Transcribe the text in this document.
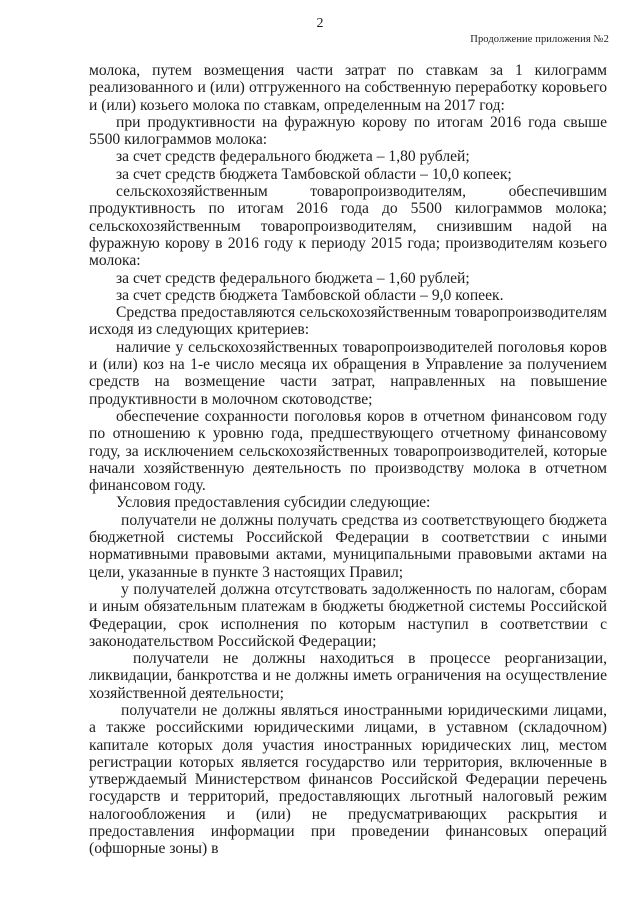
2
Продолжение приложения №2

молока, путем возмещения части затрат по ставкам за 1 килограмм реализованного и (или) отгруженного на собственную переработку коровьего и (или) козьего молока по ставкам, определенным на 2017 год:

при продуктивности на фуражную корову по итогам 2016 года свыше 5500 килограммов молока:

за счет средств федерального бюджета – 1,80 рублей;

за счет средств бюджета Тамбовской области – 10,0 копеек;

сельскохозяйственным товаропроизводителям, обеспечившим продуктивность по итогам 2016 года до 5500 килограммов молока; сельскохозяйственным товаропроизводителям, снизившим надой на фуражную корову в 2016 году к периоду 2015 года; производителям козьего молока:

за счет средств федерального бюджета – 1,60 рублей;

за счет средств бюджета Тамбовской области – 9,0 копеек.

Средства предоставляются сельскохозяйственным товаропроизводителям исходя из следующих критериев:

наличие у сельскохозяйственных товаропроизводителей поголовья коров и (или) коз на 1-е число месяца их обращения в Управление за получением средств на возмещение части затрат, направленных на повышение продуктивности в молочном скотоводстве;

обеспечение сохранности поголовья коров в отчетном финансовом году по отношению к уровню года, предшествующего отчетному финансовому году, за исключением сельскохозяйственных товаропроизводителей, которые начали хозяйственную деятельность по производству молока в отчетном финансовом году.

Условия предоставления субсидии следующие:

получатели не должны получать средства из соответствующего бюджета бюджетной системы Российской Федерации в соответствии с иными нормативными правовыми актами, муниципальными правовыми актами на цели, указанные в пункте 3 настоящих Правил;

у получателей должна отсутствовать задолженность по налогам, сборам и иным обязательным платежам в бюджеты бюджетной системы Российской Федерации, срок исполнения по которым наступил в соответствии с законодательством Российской Федерации;

получатели не должны находиться в процессе реорганизации, ликвидации, банкротства и не должны иметь ограничения на осуществление хозяйственной деятельности;

получатели не должны являться иностранными юридическими лицами, а также российскими юридическими лицами, в уставном (складочном) капитале которых доля участия иностранных юридических лиц, местом регистрации которых является государство или территория, включенные в утверждаемый Министерством финансов Российской Федерации перечень государств и территорий, предоставляющих льготный налоговый режим налогообложения и (или) не предусматривающих раскрытия и предоставления информации при проведении финансовых операций (офшорные зоны) в
